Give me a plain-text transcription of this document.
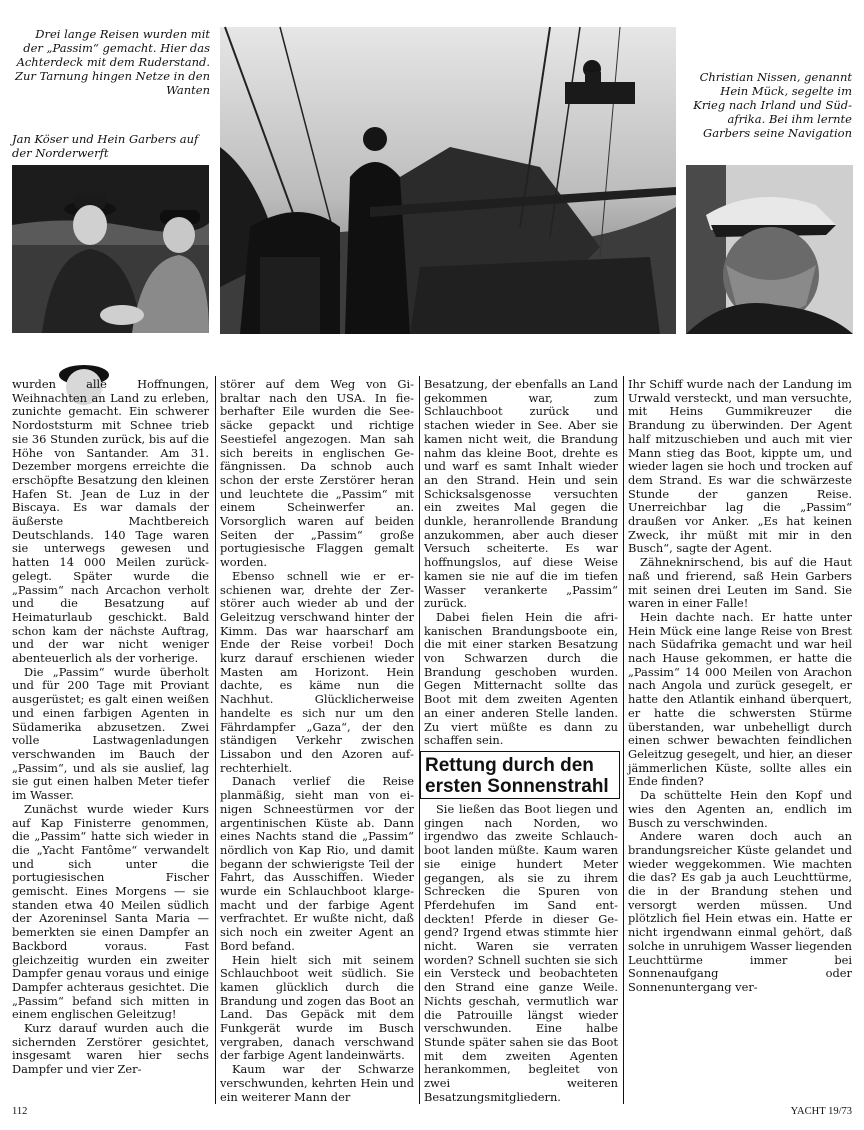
Drei lange Reisen wurden mit der „Passim“ gemacht. Hier das Achterdeck mit dem Ruderstand. Zur Tarnung hingen Netze in den Wanten
Jan Köser und Hein Garbers auf der Norderwerft
Christian Nissen, genannt Hein Mück, segelte im Krieg nach Irland und Südafrika. Bei ihm lernte Garbers seine Navigation

wurden alle Hoffnungen, Weihnachten an Land zu erleben, zunichte gemacht. Ein schwerer Nordoststurm mit Schnee trieb sie 36 Stunden zurück, bis auf die Höhe von Santander. Am 31. Dezember morgens erreichte die erschöpfte Besatzung den kleinen Hafen St. Jean de Luz in der Biscaya. Es war damals der äußerste Machtbereich Deutschlands. 140 Tage waren sie unterwegs gewesen und hatten 14 000 Meilen zurückgelegt. Später wurde die „Passim“ nach Arcachon verholt und die Besatzung auf Heimaturlaub geschickt. Bald schon kam der nächste Auftrag, und der war nicht weniger abenteuerlich als der vorherige.

Die „Passim“ wurde überholt und für 200 Tage mit Proviant ausgerüstet; es galt einen weißen und einen farbigen Agenten in Südamerika abzusetzen. Zwei volle Lastwagenladungen verschwanden im Bauch der „Passim“, und als sie auslief, lag sie gut einen halben Meter tiefer im Wasser.

Zunächst wurde wieder Kurs auf Kap Finisterre genommen, die „Passim“ hatte sich wieder in die „Yacht Fantôme“ verwandelt und sich unter die portugiesischen Fischer gemischt. Eines Morgens — sie standen etwa 40 Meilen südlich der Azoreninsel Santa Maria — bemerkten sie einen Dampfer an Backbord voraus. Fast gleichzeitig wurden ein zweiter Dampfer genau voraus und einige Dampfer achteraus gesichtet. Die „Passim“ befand sich mitten in einem englischen Geleitzug!

Kurz darauf wurden auch die sichernden Zerstörer gesichtet, insgesamt waren hier sechs Dampfer und vier Zer-

störer auf dem Weg von Gibraltar nach den USA. In fieberhafter Eile wurden die Seesäcke gepackt und richtige Seestiefel angezogen. Man sah sich bereits in englischen Gefängnissen. Da schnob auch schon der erste Zerstörer heran und leuchtete die „Passim“ mit einem Scheinwerfer an. Vorsorglich waren auf beiden Seiten der „Passim“ große portugiesische Flaggen gemalt worden.

Ebenso schnell wie er erschienen war, drehte der Zerstörer auch wieder ab und der Geleitzug verschwand hinter der Kimm. Das war haarscharf am Ende der Reise vorbei! Doch kurz darauf erschienen wieder Masten am Horizont. Hein dachte, es käme nun die Nachhut. Glücklicherweise handelte es sich nur um den Fährdampfer „Gaza“, der den ständigen Verkehr zwischen Lissabon und den Azoren aufrechterhielt.

Danach verlief die Reise planmäßig, sieht man von einigen Schneestürmen vor der argentinischen Küste ab. Dann eines Nachts stand die „Passim“ nördlich von Kap Rio, und damit begann der schwierigste Teil der Fahrt, das Ausschiffen. Wieder wurde ein Schlauchboot klargemacht und der farbige Agent verfrachtet. Er wußte nicht, daß sich noch ein zweiter Agent an Bord befand.

Hein hielt sich mit seinem Schlauchboot weit südlich. Sie kamen glücklich durch die Brandung und zogen das Boot an Land. Das Gepäck mit dem Funkgerät wurde im Busch vergraben, danach verschwand der farbige Agent landeinwärts.

Kaum war der Schwarze verschwunden, kehrten Hein und ein weiterer Mann der

Besatzung, der ebenfalls an Land gekommen war, zum Schlauchboot zurück und stachen wieder in See. Aber sie kamen nicht weit, die Brandung nahm das kleine Boot, drehte es und warf es samt Inhalt wieder an den Strand. Hein und sein Schicksalsgenosse versuchten ein zweites Mal gegen die dunkle, heranrollende Brandung anzukommen, aber auch dieser Versuch scheiterte. Es war hoffnungslos, auf diese Weise kamen sie nie auf die im tiefen Wasser verankerte „Passim“ zurück.

Dabei fielen Hein die afrikanischen Brandungsboote ein, die mit einer starken Besatzung von Schwarzen durch die Brandung geschoben wurden. Gegen Mitternacht sollte das Boot mit dem zweiten Agenten an einer anderen Stelle landen. Zu viert müßte es dann zu schaffen sein.

Rettung durch den ersten Sonnenstrahl

Sie ließen das Boot liegen und gingen nach Norden, wo irgendwo das zweite Schlauchboot landen müßte. Kaum waren sie einige hundert Meter gegangen, als sie zu ihrem Schrecken die Spuren von Pferdehufen im Sand entdeckten! Pferde in dieser Gegend? Irgend etwas stimmte hier nicht. Waren sie verraten worden? Schnell suchten sie sich ein Versteck und beobachteten den Strand eine ganze Weile. Nichts geschah, vermutlich war die Patrouille längst wieder verschwunden. Eine halbe Stunde später sahen sie das Boot mit dem zweiten Agenten herankommen, begleitet von zwei weiteren Besatzungsmitgliedern.

Ihr Schiff wurde nach der Landung im Urwald versteckt, und man versuchte, mit Heins Gummikreuzer die Brandung zu überwinden. Der Agent half mitzuschieben und auch mit vier Mann stieg das Boot, kippte um, und wieder lagen sie hoch und trocken auf dem Strand. Es war die schwärzeste Stunde der ganzen Reise. Unerreichbar lag die „Passim“ draußen vor Anker. „Es hat keinen Zweck, ihr müßt mit mir in den Busch“, sagte der Agent.

Zähneknirschend, bis auf die Haut naß und frierend, saß Hein Garbers mit seinen drei Leuten im Sand. Sie waren in einer Falle!

Hein dachte nach. Er hatte unter Hein Mück eine lange Reise von Brest nach Südafrika gemacht und war heil nach Hause gekommen, er hatte die „Passim“ 14 000 Meilen von Arachon nach Angola und zurück gesegelt, er hatte den Atlantik einhand überquert, er hatte die schwersten Stürme überstanden, war unbehelligt durch einen schwer bewachten feindlichen Geleitzug gesegelt, und hier, an dieser jämmerlichen Küste, sollte alles ein Ende finden?

Da schüttelte Hein den Kopf und wies den Agenten an, endlich im Busch zu verschwinden.

Andere waren doch auch an brandungsreicher Küste gelandet und wieder weggekommen. Wie machten die das? Es gab ja auch Leuchttürme, die in der Brandung stehen und versorgt werden müssen. Und plötzlich fiel Hein etwas ein. Hatte er nicht irgendwann einmal gehört, daß solche in unruhigem Wasser liegenden Leuchttürme immer bei Sonnenaufgang oder Sonnenuntergang ver-

112	YACHT 19/73
